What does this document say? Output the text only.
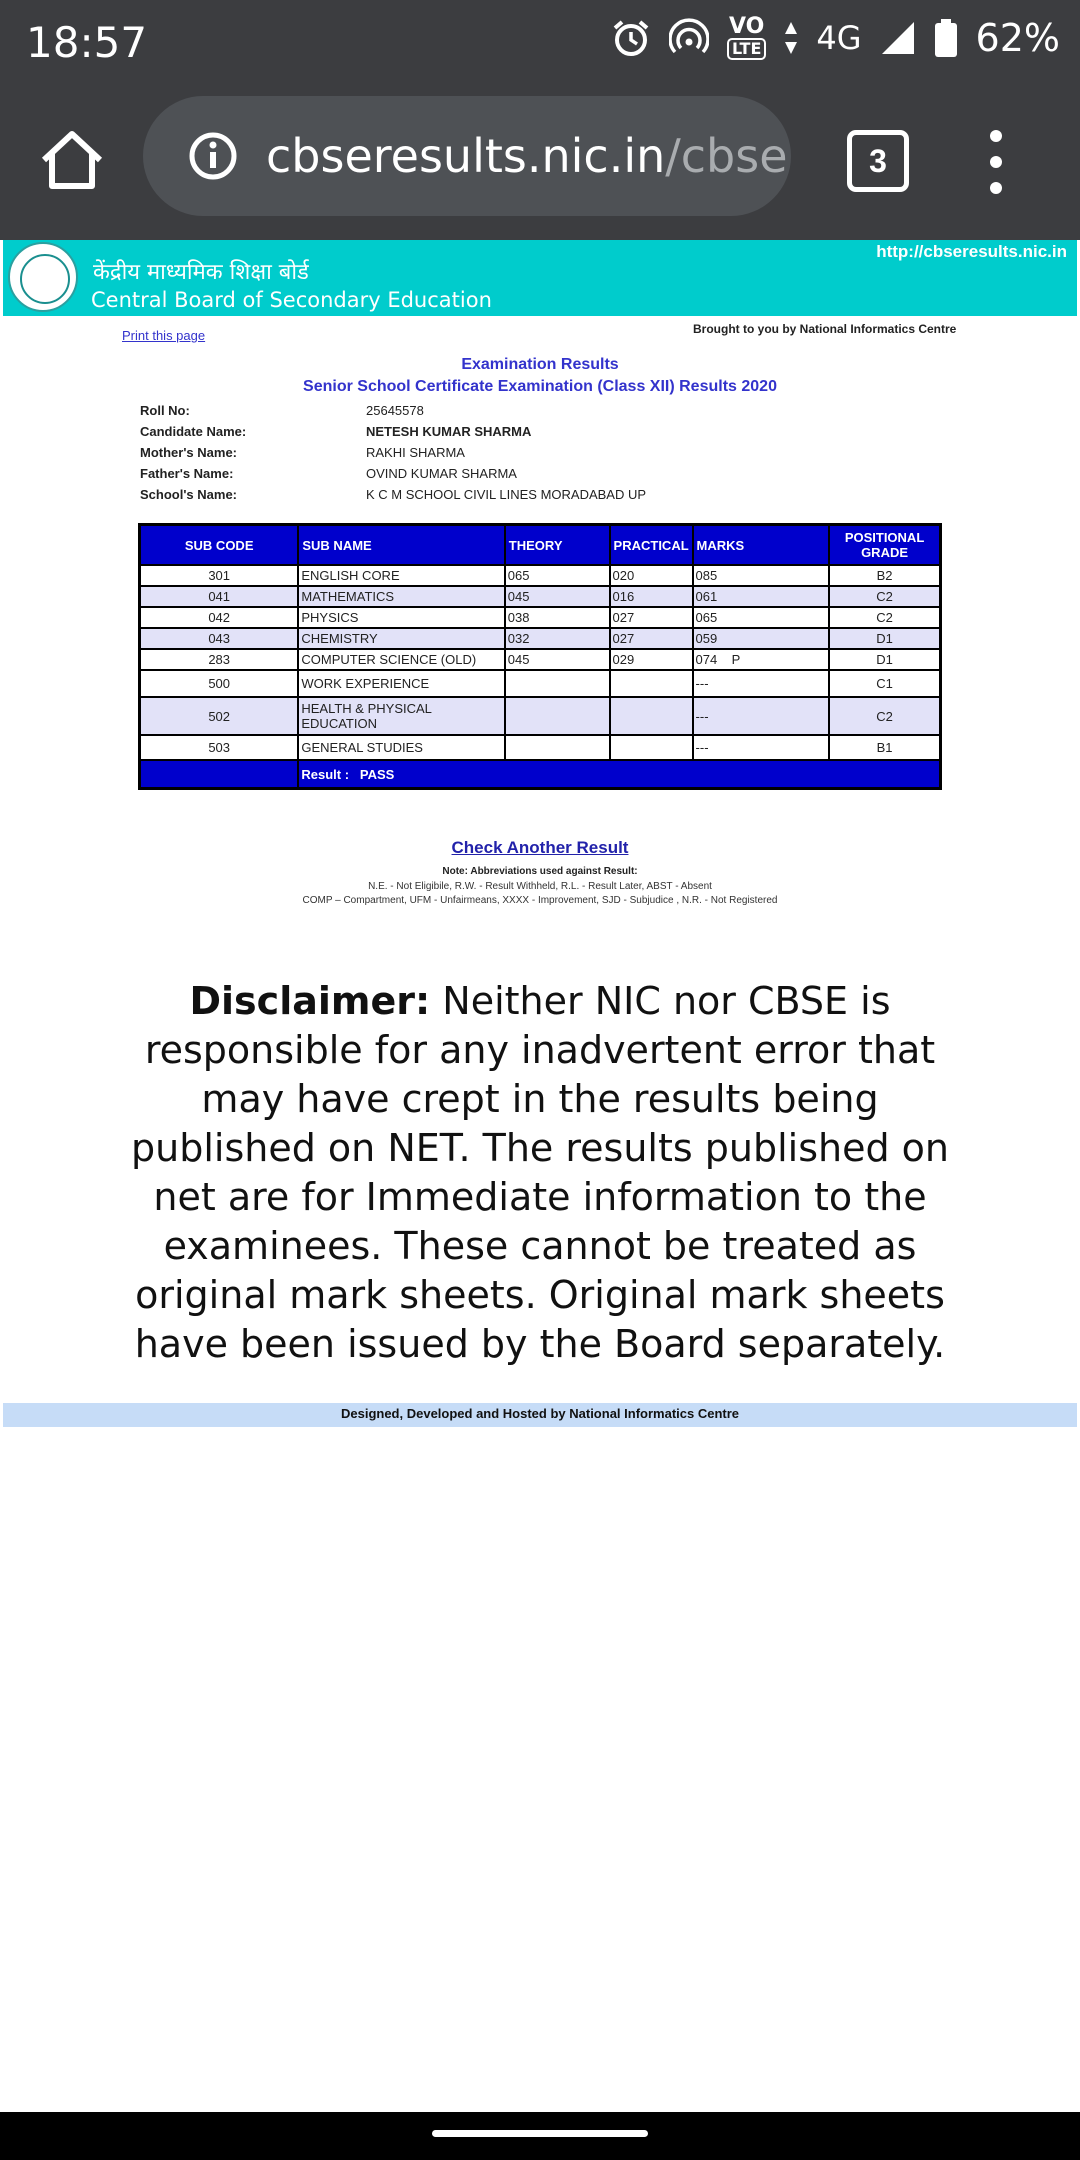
18:57	VO
LTE 4G	62%
cbseresults.nic.in/cbse	3
केंद्रीय माध्यमिक शिक्षा बोर्ड
Central Board of Secondary Education
http://cbseresults.nic.in
Print this page	Brought to you by National Informatics Centre
Examination Results
Senior School Certificate Examination (Class XII) Results 2020
Roll No:	25645578
Candidate Name:	NETESH KUMAR SHARMA
Mother's Name:	RAKHI SHARMA
Father's Name:	OVIND KUMAR SHARMA
School's Name:	K C M SCHOOL CIVIL LINES MORADABAD UP
SUB CODE	SUB NAME	THEORY	PRACTICAL	MARKS	POSITIONAL GRADE
301	ENGLISH CORE	065	020	085	B2
041	MATHEMATICS	045	016	061	C2
042	PHYSICS	038	027	065	C2
043	CHEMISTRY	032	027	059	D1
283	COMPUTER SCIENCE (OLD)	045	029	074    P	D1
500	WORK EXPERIENCE			---	C1
502	HEALTH & PHYSICAL EDUCATION			---	C2
503	GENERAL STUDIES			---	B1
	Result :   PASS				
Check Another Result
Note: Abbreviations used against Result:
N.E. - Not Eligibile, R.W. - Result Withheld, R.L. - Result Later, ABST - Absent
COMP – Compartment, UFM - Unfairmeans, XXXX - Improvement, SJD - Subjudice , N.R. - Not Registered
Disclaimer: Neither NIC nor CBSE is responsible for any inadvertent error that may have crept in the results being published on NET. The results published on net are for Immediate information to the examinees. These cannot be treated as original mark sheets. Original mark sheets have been issued by the Board separately.
Designed, Developed and Hosted by National Informatics Centre
